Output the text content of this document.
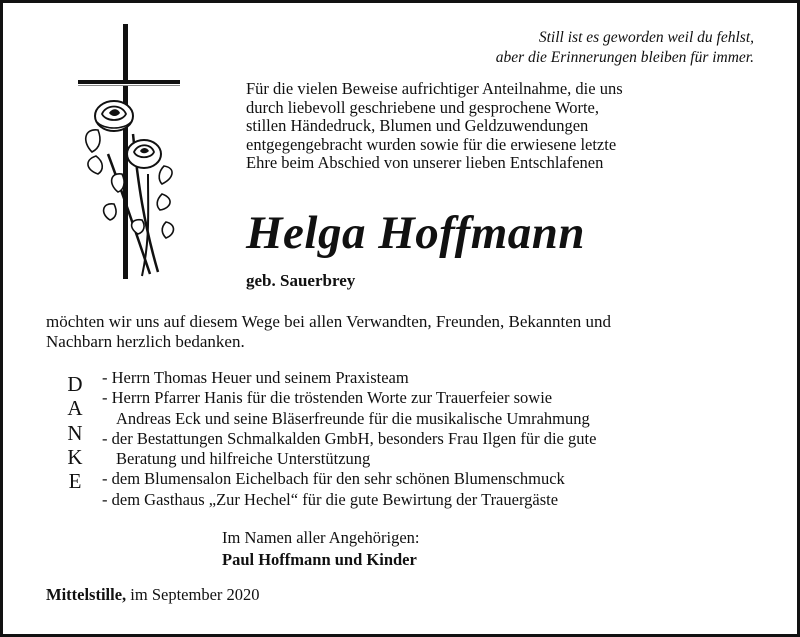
Still ist es geworden weil du fehlst,
aber die Erinnerungen bleiben für immer.
Für die vielen Beweise aufrichtiger Anteilnahme, die uns
durch liebevoll geschriebene und gesprochene Worte,
stillen Händedruck, Blumen und Geldzuwendungen
entgegengebracht wurden sowie für die erwiesene letzte
Ehre beim Abschied von unserer lieben Entschlafenen
Helga Hoffmann
geb. Sauerbrey
möchten wir uns auf diesem Wege bei allen Verwandten, Freunden, Bekannten und
Nachbarn herzlich bedanken.
D
A
N
K
E
- Herrn Thomas Heuer und seinem Praxisteam
- Herrn Pfarrer Hanis für die tröstenden Worte zur Trauerfeier sowie
Andreas Eck und seine Bläserfreunde für die musikalische Umrahmung
- der Bestattungen Schmalkalden GmbH, besonders Frau Ilgen für die gute
Beratung und hilfreiche Unterstützung
- dem Blumensalon Eichelbach für den sehr schönen Blumenschmuck
- dem Gasthaus „Zur Hechel“ für die gute Bewirtung der Trauergäste
Im Namen aller Angehörigen:
Paul Hoffmann und Kinder
Mittelstille, im September 2020
